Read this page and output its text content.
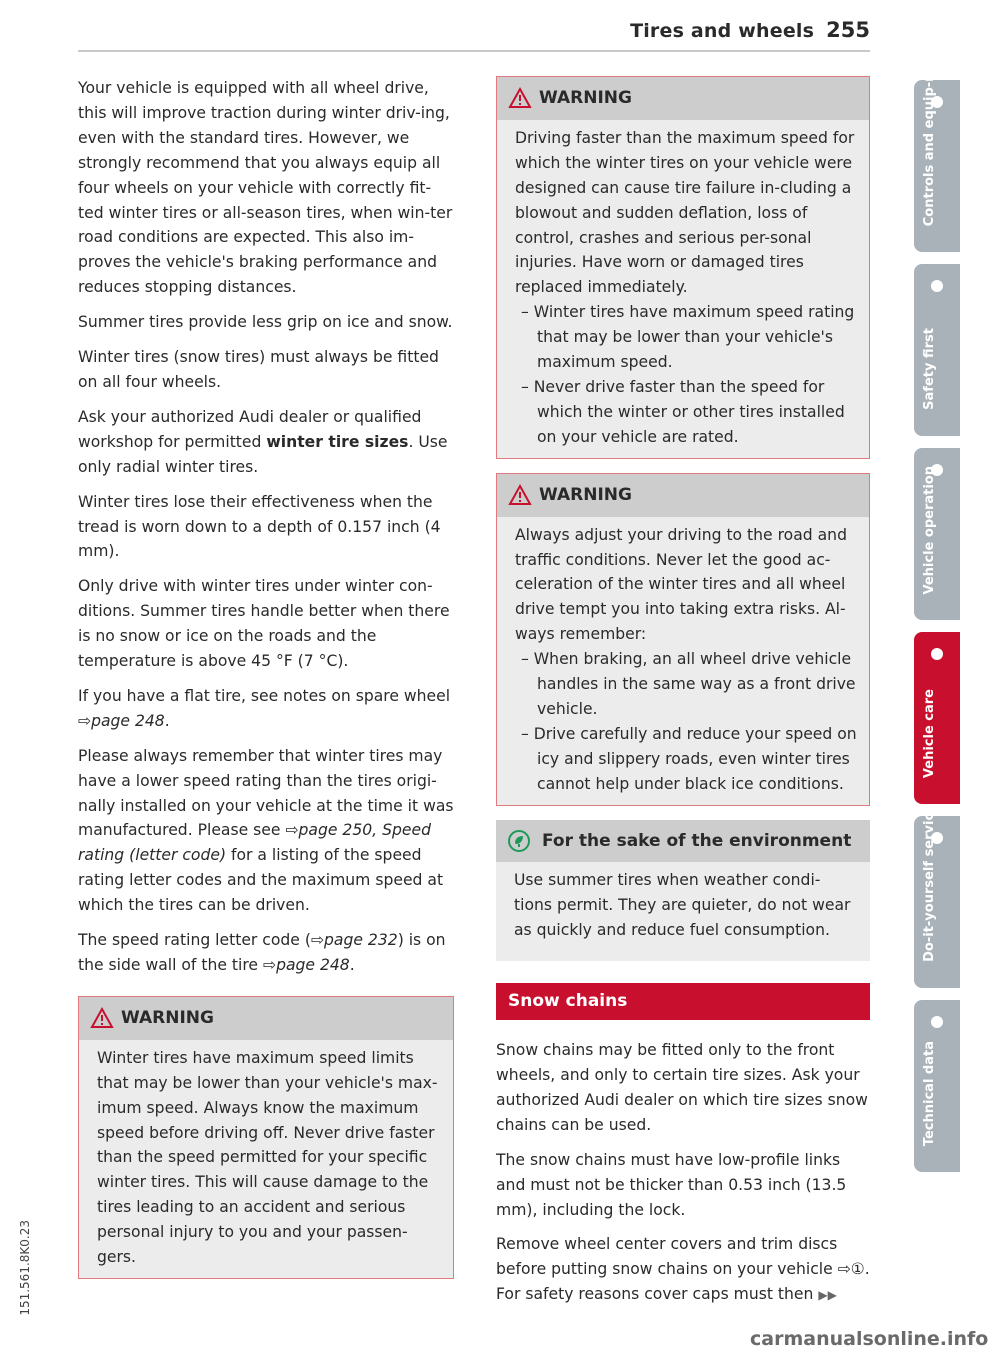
Tires and wheels 255

Your vehicle is equipped with all wheel drive, this will improve traction during winter driv-ing, even with the standard tires. However, we strongly recommend that you always equip all four wheels on your vehicle with correctly fit-ted winter tires or all-season tires, when win-ter road conditions are expected. This also im-proves the vehicle's braking performance and reduces stopping distances.

Summer tires provide less grip on ice and snow.

Winter tires (snow tires) must always be fitted on all four wheels.

Ask your authorized Audi dealer or qualified workshop for permitted winter tire sizes. Use only radial winter tires.

Winter tires lose their effectiveness when the tread is worn down to a depth of 0.157 inch (4 mm).

Only drive with winter tires under winter con-ditions. Summer tires handle better when there is no snow or ice on the roads and the temperature is above 45 °F (7 °C).

If you have a flat tire, see notes on spare wheel ⇨page 248.

Please always remember that winter tires may have a lower speed rating than the tires origi-nally installed on your vehicle at the time it was manufactured. Please see ⇨page 250, Speed rating (letter code) for a listing of the speed rating letter codes and the maximum speed at which the tires can be driven.

The speed rating letter code (⇨page 232) is on the side wall of the tire ⇨page 248.

WARNING

Winter tires have maximum speed limits that may be lower than your vehicle's max-imum speed. Always know the maximum speed before driving off. Never drive faster than the speed permitted for your specific winter tires. This will cause damage to the tires leading to an accident and serious personal injury to you and your passen-gers.

WARNING

Driving faster than the maximum speed for which the winter tires on your vehicle were designed can cause tire failure in-cluding a blowout and sudden deflation, loss of control, crashes and serious per-sonal injuries. Have worn or damaged tires replaced immediately.

– Winter tires have maximum speed rating that may be lower than your vehicle's maximum speed.
– Never drive faster than the speed for which the winter or other tires installed on your vehicle are rated.
WARNING

Always adjust your driving to the road and traffic conditions. Never let the good ac-celeration of the winter tires and all wheel drive tempt you into taking extra risks. Al-ways remember:

– When braking, an all wheel drive vehicle handles in the same way as a front drive vehicle.
– Drive carefully and reduce your speed on icy and slippery roads, even winter tires cannot help under black ice conditions.
For the sake of the environment

Use summer tires when weather condi-tions permit. They are quieter, do not wear as quickly and reduce fuel consumption.

Snow chains

Snow chains may be fitted only to the front wheels, and only to certain tire sizes. Ask your authorized Audi dealer on which tire sizes snow chains can be used.

The snow chains must have low-profile links and must not be thicker than 0.53 inch (13.5 mm), including the lock.

Remove wheel center covers and trim discs before putting snow chains on your vehicle ⇨①. For safety reasons cover caps must then ▶▶

Controls and equip-ment
Safety first
Vehicle operation
Vehicle care
Do-it-yourself service
Technical data
151.561.8K0.23
carmanualsonline.info
